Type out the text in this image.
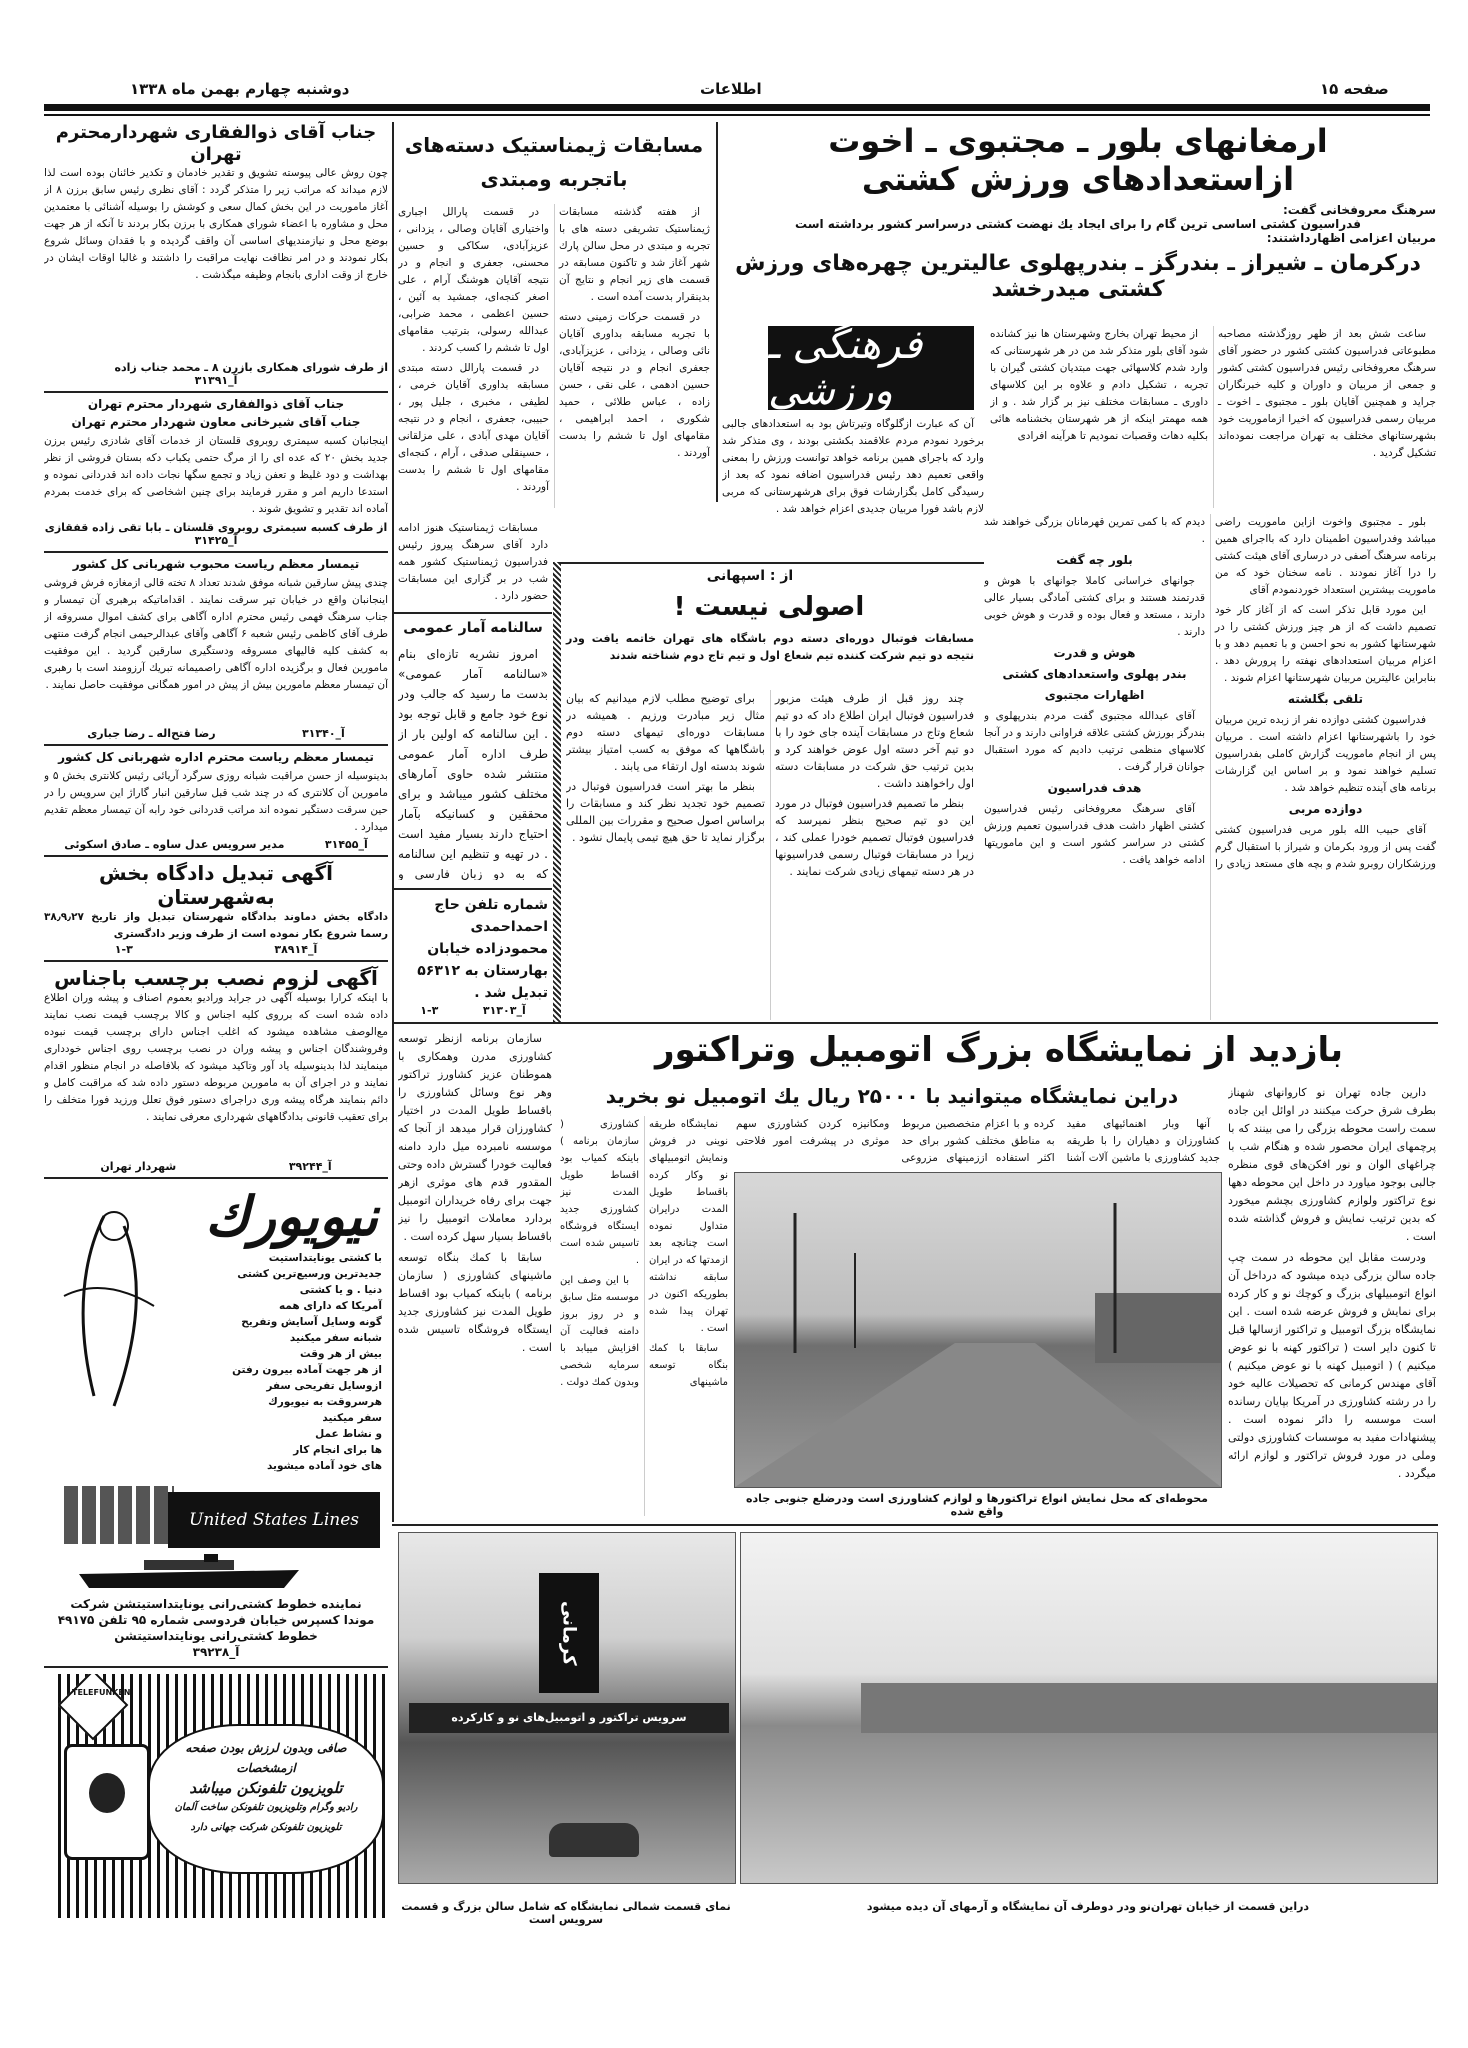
صفحه ۱۵
اطلاعات
دوشنبه چهارم بهمن ماه ۱۳۳۸
ارمغانهای بلور ـ مجتبوی ـ اخوت ازاستعدادهای ورزش کشتی
سرهنگ معروفخانی گفت:
فدراسیون کشتی اساسی ترین گام را برای ایجاد یك نهضت کشتی درسراسر کشور برداشته است
مربیان اعزامی اظهارداشتند:
درکرمان ـ شیراز ـ بندرگز ـ بندرپهلوی عالیترین چهره‌های ورزش کشتی میدرخشد
فرهنگی ـ ورزشی

ساعت شش بعد از ظهر روزگذشته مصاحبه مطبوعاتی فدراسیون کشتی کشور در حضور آقای سرهنگ معروفخانی رئیس فدراسیون کشتی کشور و جمعی از مربیان و داوران و کلیه خبرنگاران جراید و همچنین آقایان بلور ـ مجتبوی ـ اخوت ـ مربیان رسمی فدراسیون که اخیرا ازماموریت خود بشهرستانهای مختلف به تهران مراجعت نموده‌اند تشکیل گردید .

از محیط تهران بخارج وشهرستان ها نیز کشانده شود آقای بلور متذکر شد من در هر شهرستانی که وارد شدم کلاسهائی جهت مبتدیان کشتی گیران با تجربه ، تشکیل دادم و علاوه بر این کلاسهای داوری ـ مسابقات مختلف نیز بر گزار شد . و از همه مهمتر اینکه از هر شهرستان بخشنامه هائی بکلیه دهات وقصبات نمودیم تا هرآینه افرادی

آن که عبارت ازگلوگاه وتیرتاش بود به استعدادهای جالبی برخورد نمودم مردم علاقمند بکشتی بودند ، وی متذکر شد وارد که باجرای همین برنامه خواهد توانست ورزش را بمعنی واقعی تعمیم دهد رئیس فدراسیون اضافه نمود که بعد از رسیدگی کامل بگزارشات فوق برای هرشهرستانی که مربی لازم باشد فورا مربیان جدیدی اعزام خواهد شد .

بلور ـ مجتبوی واخوت ازاین ماموریت راضی میباشد وفدراسیون اطمینان دارد که بااجرای همین برنامه سرهنگ آصفی در درساری آقای هیئت کشتی را درا آغاز نمودند . نامه سخنان خود که من ماموریت بیشترین استعداد خوردنمودم آقای

این مورد قابل تذکر است که از آغاز کار خود تصمیم داشت که از هر چیز ورزش کشتی را در شهرستانها کشور به نحو احسن و با تعمیم دهد و با اعزام مربیان استعدادهای نهفته را پرورش دهد . بنابراین عالیترین مربیان شهرستانها اعزام شوند .

تلقی بگلشته

فدراسیون کشتی دوازده نفر از زبده ترین مربیان خود را باشهرستانها اعزام داشته است . مربیان پس از انجام ماموریت گزارش کاملی بفدراسیون تسلیم خواهند نمود و بر اساس این گزارشات برنامه های آینده تنظیم خواهد شد .

دوازده مربی

آقای حبیب الله بلور مربی فدراسیون کشتی گفت پس از ورود بکرمان و شیراز با استقبال گرم ورزشکاران روبرو شدم و بچه های مستعد زیادی را دیدم که با کمی تمرین قهرمانان بزرگی خواهند شد .

بلور چه گفت

جوانهای خراسانی کاملا جوانهای با هوش و قدرتمند هستند و برای کشتی آمادگی بسیار عالی دارند ، مستعد و فعال بوده و قدرت و هوش خوبی دارند .

هوش و قدرت
بندر پهلوی واستعدادهای کشتی
اظهارات مجتبوی

آقای عبدالله مجتبوی گفت مردم بندرپهلوی و بندرگز بورزش کشتی علاقه فراوانی دارند و در آنجا کلاسهای منظمی ترتیب دادیم که مورد استقبال جوانان قرار گرفت .

هدف فدراسیون

آقای سرهنگ معروفخانی رئیس فدراسیون کشتی اظهار داشت هدف فدراسیون تعمیم ورزش کشتی در سراسر کشور است و این ماموریتها ادامه خواهد یافت .

مسابقات ژیمناستیک دسته‌های باتجربه ومبتدی

از هفته گذشته مسابقات ژیمناستیک تشریفی دسته های با تجربه و مبتدی در محل سالن پارك شهر آغاز شد و تاکنون مسابقه در قسمت های زیر انجام و نتایج آن بدینقرار بدست آمده است .

در قسمت حرکات زمینی دسته با تجربه مسابقه بداوری آقایان نائی وصالی ، یزدانی ، عزیزآبادی، جعفری انجام و در نتیجه آقایان حسین ادهمی ، علی نقی ، حسن زاده ، عباس طلائی ، حمید شکوری ، احمد ابراهیمی ، مقامهای اول تا ششم را بدست آوردند .

در قسمت پارالل اجباری واختیاری آقایان وصالی ، یزدانی ، عزیزآبادی، سکاکی و حسین محسنی، جعفری و انجام و در نتیجه آقایان هوشنگ آرام ، علی اصغر کنجه‌ای، جمشید به آئین ، حسین اعظمی ، محمد ضرابی، عبدالله رسولی، بترتیب مقامهای اول تا ششم را کسب کردند .

در قسمت پارالل دسته مبتدی مسابقه بداوری آقایان خرمی ، لطیفی ، مخبری ، جلیل پور ، حبیبی، جعفری ، انجام و در نتیجه آقایان مهدی آبادی ، علی مزلقانی ، حسینقلی صدقی ، آرام ، کنجه‌ای مقامهای اول تا ششم را بدست آوردند .

مسابقات ژیمناستیک هنوز ادامه دارد آقای سرهنگ پیروز رئیس فدراسیون ژیمناستیک کشور همه شب در بر گزاری این مسابقات حضور دارد .

سالنامه آمار عمومی

امروز نشریه تازه‌ای بنام «سالنامه آمار عمومی» بدست ما رسید که جالب ودر نوع خود جامع و قابل توجه بود . این سالنامه که اولین بار از طرف اداره آمار عمومی منتشر شده حاوی آمارهای مختلف کشور میباشد و برای محققین و کسانیکه بآمار احتیاج دارند بسیار مفید است . در تهیه و تنظیم این سالنامه که به دو زبان فارسی و

شماره تلفن حاج احمداحمدی محمودزاده خیابان بهارستان به ۵۶۳۱۲ تبدیل شد .
آ_۳۱۳۰۳
۱-۳
از : اسپهانی
اصولی نیست !
مسابقات فوتبال دوره‌ای دسته دوم باشگاه های تهران خاتمه یافت ودر نتیجه دو تیم شرکت کننده تیم شعاع اول و تیم تاج دوم شناخته شدند

چند روز قبل از طرف هیئت مزبور فدراسیون فوتبال ایران اطلاع داد که دو تیم شعاع وتاج در مسابقات آینده جای خود را با دو تیم آخر دسته اول عوض خواهند کرد و بدین ترتیب حق شرکت در مسابقات دسته اول راخواهند داشت .

بنظر ما تصمیم فدراسیون فوتبال در مورد این دو تیم صحیح بنظر نمیرسد که فدراسیون فوتبال تصمیم خودرا عملی کند ، زیرا در مسابقات فوتبال رسمی فدراسیونها در هر دسته تیمهای زیادی شرکت نمایند .

برای توضیح مطلب لازم میدانیم که بیان مثال زیر مبادرت ورزیم . همیشه در مسابقات دوره‌ای تیمهای دسته دوم باشگاهها که موفق به کسب امتیاز بیشتر شوند بدسته اول ارتقاء می یابند .

بنظر ما بهتر است فدراسیون فوتبال در تصمیم خود تجدید نظر کند و مسابقات را براساس اصول صحیح و مقررات بین المللی برگزار نماید تا حق هیچ تیمی پایمال نشود .

جناب آقای ذوالفقاری شهردارمحترم تهران
چون روش عالی پیوسته تشویق و تقدیر خادمان و تکدیر خائنان بوده است لذا لازم میداند که مراتب زیر را متذکر گردد : آقای نظری رئیس سابق برزن ۸ از آغاز ماموریت در این بخش کمال سعی و کوشش را بوسیله آشنائی با معتمدین محل و مشاوره با اعضاء شورای همکاری با برزن بکار بردند تا آنکه از هر جهت بوضع محل و نیازمندیهای اساسی آن واقف گردیده و با فقدان وسائل شروع بکار نمودند و در امر نظافت نهایت مراقبت را داشتند و غالبا اوقات ایشان در خارج از وقت اداری بانجام وظیفه میگذشت .
از طرف شورای همکاری بازرن ۸ ـ محمد جناب زاده
آ_۳۱۳۹۱
جناب آقای ذوالفقاری شهردار محترم تهران
جناب آقای شیرخانی معاون شهردار محترم تهران
اینجانبان کسبه سیمتری روبروی قلستان از خدمات آقای شادزی رئیس برزن جدید بخش ۲۰ که عده ای را از مرگ حتمی یکباب دکه بستان فروشی از نظر بهداشت و دود غلیظ و تعفن زیاد و تجمع سگها نجات داده اند قدردانی نموده و استدعا داریم امر و مقرر فرمایند برای چنین اشخاصی که برای خدمت بمردم آماده اند تقدیر و تشویق شوند .
از طرف کسبه سیمتری روبروی قلستان ـ بابا تقی زاده قفقازی
آ_۳۱۴۲۵
تیمسار معظم ریاست محبوب شهربانی کل کشور
چندی پیش سارقین شبانه موفق شدند تعداد ۸ تخته قالی ازمغازه فرش فروشی اینجانبان واقع در خیابان تیر سرقت نمایند . اقداماتیکه برهبری آن تیمسار و جناب سرهنگ فهمی رئیس محترم اداره آگاهی برای کشف اموال مسروقه از طرف آقای کاظمی رئیس شعبه ۶ آگاهی وآقای عبدالرحیمی انجام گرفت منتهی به کشف کلیه قالیهای مسروقه ودستگیری سارقین گردید . این موفقیت مامورین فعال و برگزیده اداره آگاهی راصمیمانه تبریك آرزومند است با رهبری آن تیمسار معظم مامورین بیش از پیش در امور همگانی موفقیت حاصل نمایند .
آ_۳۱۳۴۰
رضا فتح‌اله ـ رضا جباری
تیمسار معظم ریاست محترم اداره شهربانی کل کشور
بدینوسیله از حسن مراقبت شبانه روزی سرگرد آریائی رئیس کلانتری بخش ۵ و مامورین آن کلانتری که در چند شب قبل سارقین انبار گاراژ این سرویس را در حین سرقت دستگیر نموده اند مراتب قدردانی خود رابه آن تیمسار معظم تقدیم میدارد .
آ_۳۱۴۵۵
مدیر سرویس عدل ساوه ـ صادق اسکوئی
آگهی تبدیل دادگاه بخش به‌شهرستان
دادگاه بخش دماوند بدادگاه شهرستان تبدیل واز تاریخ ۳۸٫۹٫۲۷ رسما شروع بکار نموده است از طرف وزیر دادگستری
آ_۳۸۹۱۴
۱-۳
آگهی لزوم نصب برچسب باجناس
با اینکه کرارا بوسیله آگهی در جراید ورادیو بعموم اصناف و پیشه وران اطلاع داده شده است که برروی کلیه اجناس و کالا برچسب قیمت نصب نمایند مع‌الوصف مشاهده میشود که اغلب اجناس دارای برچسب قیمت نبوده وفروشندگان اجناس و پیشه وران در نصب برچسب روی اجناس خودداری مینمایند لذا بدینوسیله یاد آور وتاکید میشود که بلافاصله در انجام منظور اقدام نمایند و در اجرای آن به مامورین مربوطه دستور داده شد که مراقبت کامل و دائم بنمایند هرگاه پیشه وری دراجرای دستور فوق تعلل ورزید فورا متخلف را برای تعقیب قانونی بدادگاههای شهرداری معرفی نمایند .
آ_۳۹۲۴۴
شهردار تهران
نیویورك
با کشتی یونایتداستیت
جدیدترین ورسیع‌ترین کشتی
دنیا . و یا کشتی
آمریکا که دارای همه
گونه وسایل آسایش وتفریح
شبانه سفر میکنید
بیش از هر وقت
از هر جهت آماده بیرون رفتن
ازوسایل تفریحی سفر
هرسروقت به نیویورك
سفر میکنید
و نشاط عمل
ها برای انجام کار
های خود آماده میشوید
United States Lines
نماینده خطوط کشتی‌رانی یونایتداستیتشن شرکت
موندا کسپرس خیابان فردوسی شماره ۹۵ تلفن ۴۹۱۷۵
خطوط کشتی‌رانی یونایتداستیتشن
آ_۳۹۲۳۸
TELEFUNKEN
صافی وبدون لرزش بودن صفحه
ازمشخصات
تلویزیون تلفونکن میباشد
رادیو وگرام وتلویزیون تلفونکن ساخت آلمان
تلویزیون تلفونکن شرکت جهانی دارد
بازدید از نمایشگاه بزرگ اتومبیل وتراکتور
دراین نمایشگاه میتوانید با ۲۵۰۰۰ ریال یك اتومبیل نو بخرید

آنها وبار اهنمائیهای مفید کشاورزان و دهیاران را با طریقه جدید کشاورزی با ماشین آلات آشنا کرده و با اعزام متخصصین مربوط به مناطق مختلف کشور برای حد اکثر استفاده اززمینهای مزروعی ومکانیزه کردن کشاورزی سهم موثری در پیشرفت امور فلاحتی

سازمان برنامه ازنظر توسعه کشاورزی مدرن وهمکاری با هموطنان عزیز کشاورز تراکتور وهر نوع وسائل کشاورزی را باقساط طویل المدت در اختیار کشاورزان قرار میدهد از آنجا که موسسه نامبرده میل دارد دامنه فعالیت خودرا گسترش داده وحتی المقدور قدم های موثری ازهر جهت برای رفاه خریداران اتومبیل بردارد معاملات اتومبیل را نیز باقساط بسیار سهل کرده است .

سابقا با کمك بنگاه توسعه ماشینهای کشاورزی ( سازمان برنامه ) باینکه کمیاب بود اقساط طویل المدت نیز کشاورزی جدید ایستگاه فروشگاه تاسیس شده است .

نمایشگاه طریقه نوینی در فروش ونمایش اتومبیلهای نو وکار کرده باقساط طویل المدت درایران متداول نموده است چنانچه بعد ازمدتها که در ایران سابقه نداشته بطوریکه اکنون در تهران پیدا شده است .

سابقا با کمك بنگاه توسعه ماشینهای کشاورزی ( سازمان برنامه ) باینکه کمیاب بود اقساط طویل المدت نیز کشاورزی جدید ایستگاه فروشگاه تاسیس شده است .

با این وصف این موسسه مثل سابق و در روز بروز دامنه فعالیت آن افزایش مییابد با سرمایه شخصی وبدون کمك دولت .

دارین جاده تهران نو کاروانهای شهناز بطرف شرق حرکت میکنند در اوائل این جاده سمت راست محوطه بزرگی را می بینند که با پرچمهای ایران محصور شده و هنگام شب با چراغهای الوان و نور افکن‌های قوی منظره جالبی بوجود میاورد در داخل این محوطه دهها نوع تراکتور ولوازم کشاورزی بچشم میخورد که بدین ترتیب نمایش و فروش گذاشته شده است .

ودرست مقابل این محوطه در سمت چپ جاده سالن بزرگی دیده میشود که درداخل آن انواع اتومبیلهای بزرگ و کوچك نو و کار کرده برای نمایش و فروش عرضه شده است . این نمایشگاه بزرگ اتومبیل و تراکتور ازسالها قبل تا کنون دایر است ( تراکتور کهنه با نو عوض میکنیم ) ( اتومبیل کهنه با نو عوض میکنیم ) آقای مهندس کرمانی که تحصیلات عالیه خود را در رشته کشاورزی در آمریکا بپایان رسانده است موسسه را دائر نموده است . پیشنهادات مفید به موسسات کشاورزی دولتی وملی در مورد فروش تراکتور و لوازم ارائه میگردد .

محوطه‌ای که محل نمایش انواع تراکتورها و لوازم کشاورزی است ودرضلع جنوبی جاده واقع شده
کرمانی
سرویس تراکتور و اتومبیل‌های نو و کارکرده
نمای قسمت شمالی نمایشگاه که شامل سالن بزرگ و قسمت سرویس است
دراین قسمت از خیابان تهران‌نو ودر دوطرف آن نمایشگاه و آرمهای آن دیده میشود
